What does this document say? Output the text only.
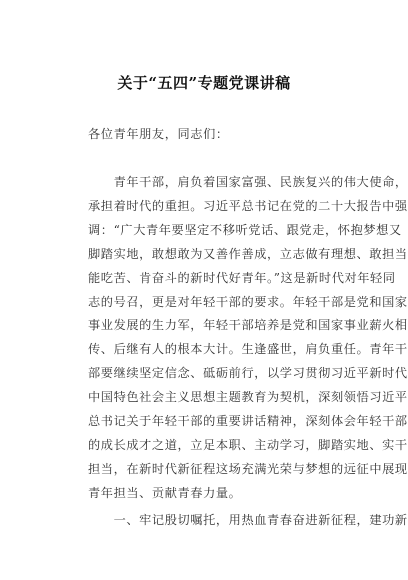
关于“五四”专题党课讲稿
各位青年朋友，同志们：
　　青年干部，肩负着国家富强、民族复兴的伟大使命，
承担着时代的重担。习近平总书记在党的二十大报告中强
调：“广大青年要坚定不移听党话、跟党走，怀抱梦想又
脚踏实地，敢想敢为又善作善成，立志做有理想、敢担当
能吃苦、肯奋斗的新时代好青年。”这是新时代对年轻同
志的号召，更是对年轻干部的要求。年轻干部是党和国家
事业发展的生力军，年轻干部培养是党和国家事业薪火相
传、后继有人的根本大计。生逢盛世，肩负重任。青年干
部要继续坚定信念、砥砺前行，以学习贯彻习近平新时代
中国特色社会主义思想主题教育为契机，深刻领悟习近平
总书记关于年轻干部的重要讲话精神，深刻体会年轻干部
的成长成才之道，立足本职、主动学习，脚踏实地、实干
担当，在新时代新征程这场充满光荣与梦想的远征中展现
青年担当、贡献青春力量。
　　一、牢记殷切嘱托，用热血青春奋进新征程，建功新
